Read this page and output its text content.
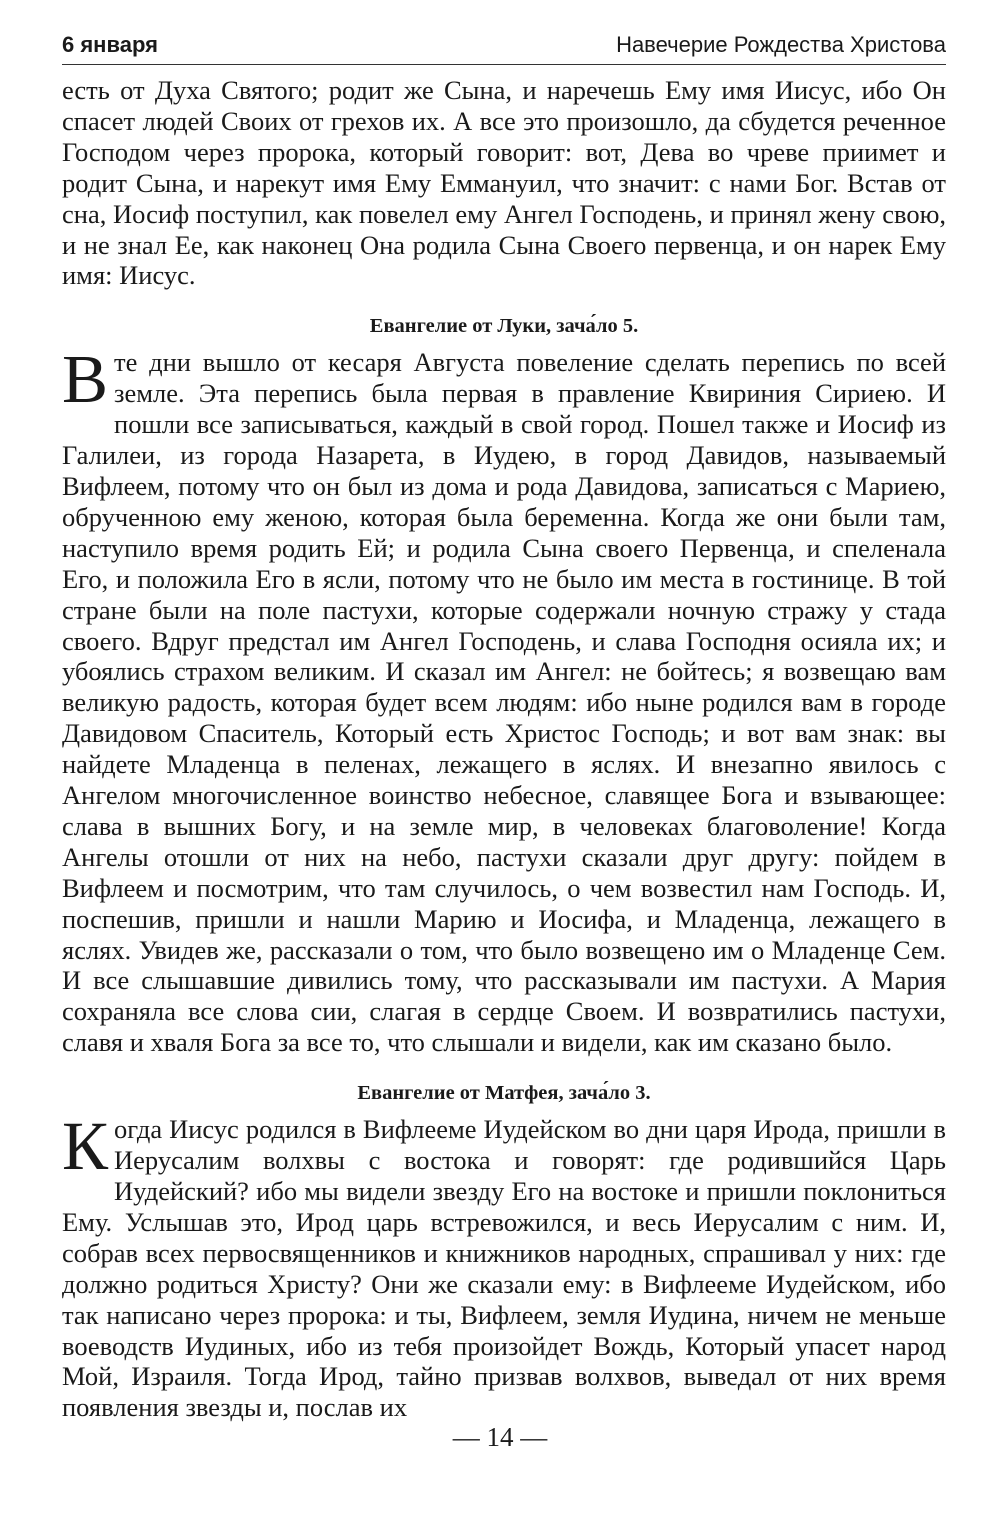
6 января	Навечерие Рождества Христова

есть от Духа Святого; родит же Сына, и наречешь Ему имя Иисус, ибо Он спасет людей Своих от грехов их. А все это произошло, да сбудется реченное Господом через пророка, который говорит: вот, Дева во чреве приимет и родит Сына, и нарекут имя Ему Еммануил, что значит: с нами Бог. Встав от сна, Иосиф поступил, как повелел ему Ангел Господень, и принял жену свою, и не знал Ее, как наконец Она родила Сына Своего первенца, и он нарек Ему имя: Иисус.

Евангелие от Луки, зача́ло 5.

В те дни вышло от кесаря Августа повеление сделать перепись по всей земле. Эта перепись была первая в правление Квириния Сириею. И пошли все записываться, каждый в свой город. Пошел также и Иосиф из Галилеи, из города Назарета, в Иудею, в город Давидов, называемый Вифлеем, потому что он был из дома и рода Давидова, записаться с Мариею, обрученною ему женою, которая была беременна. Когда же они были там, наступило время родить Ей; и родила Сына своего Первенца, и спеленала Его, и положила Его в ясли, потому что не было им места в гостинице. В той стране были на поле пастухи, которые содержали ночную стражу у стада своего. Вдруг предстал им Ангел Господень, и слава Господня осияла их; и убоялись страхом великим. И сказал им Ангел: не бойтесь; я возвещаю вам великую радость, которая будет всем людям: ибо ныне родился вам в городе Давидовом Спаситель, Который есть Христос Господь; и вот вам знак: вы найдете Младенца в пеленах, лежащего в яслях. И внезапно явилось с Ангелом многочисленное воинство небесное, славящее Бога и взывающее: слава в вышних Богу, и на земле мир, в человеках благоволение! Когда Ангелы отошли от них на небо, пастухи сказали друг другу: пойдем в Вифлеем и посмотрим, что там случилось, о чем возвестил нам Господь. И, поспешив, пришли и нашли Марию и Иосифа, и Младенца, лежащего в яслях. Увидев же, рассказали о том, что было возвещено им о Младенце Сем. И все слышавшие дивились тому, что рассказывали им пастухи. А Мария сохраняла все слова сии, слагая в сердце Своем. И возвратились пастухи, славя и хваля Бога за все то, что слышали и видели, как им сказано было.

Евангелие от Матфея, зача́ло 3.

Когда Иисус родился в Вифлееме Иудейском во дни царя Ирода, пришли в Иерусалим волхвы с востока и говорят: где родившийся Царь Иудейский? ибо мы видели звезду Его на востоке и пришли поклониться Ему. Услышав это, Ирод царь встревожился, и весь Иерусалим с ним. И, собрав всех первосвященников и книжников народных, спрашивал у них: где должно родиться Христу? Они же сказали ему: в Вифлееме Иудейском, ибо так написано через пророка: и ты, Вифлеем, земля Иудина, ничем не меньше воеводств Иудиных, ибо из тебя произойдет Вождь, Который упасет народ Мой, Израиля. Тогда Ирод, тайно призвав волхвов, выведал от них время появления звезды и, послав их

— 14 —
